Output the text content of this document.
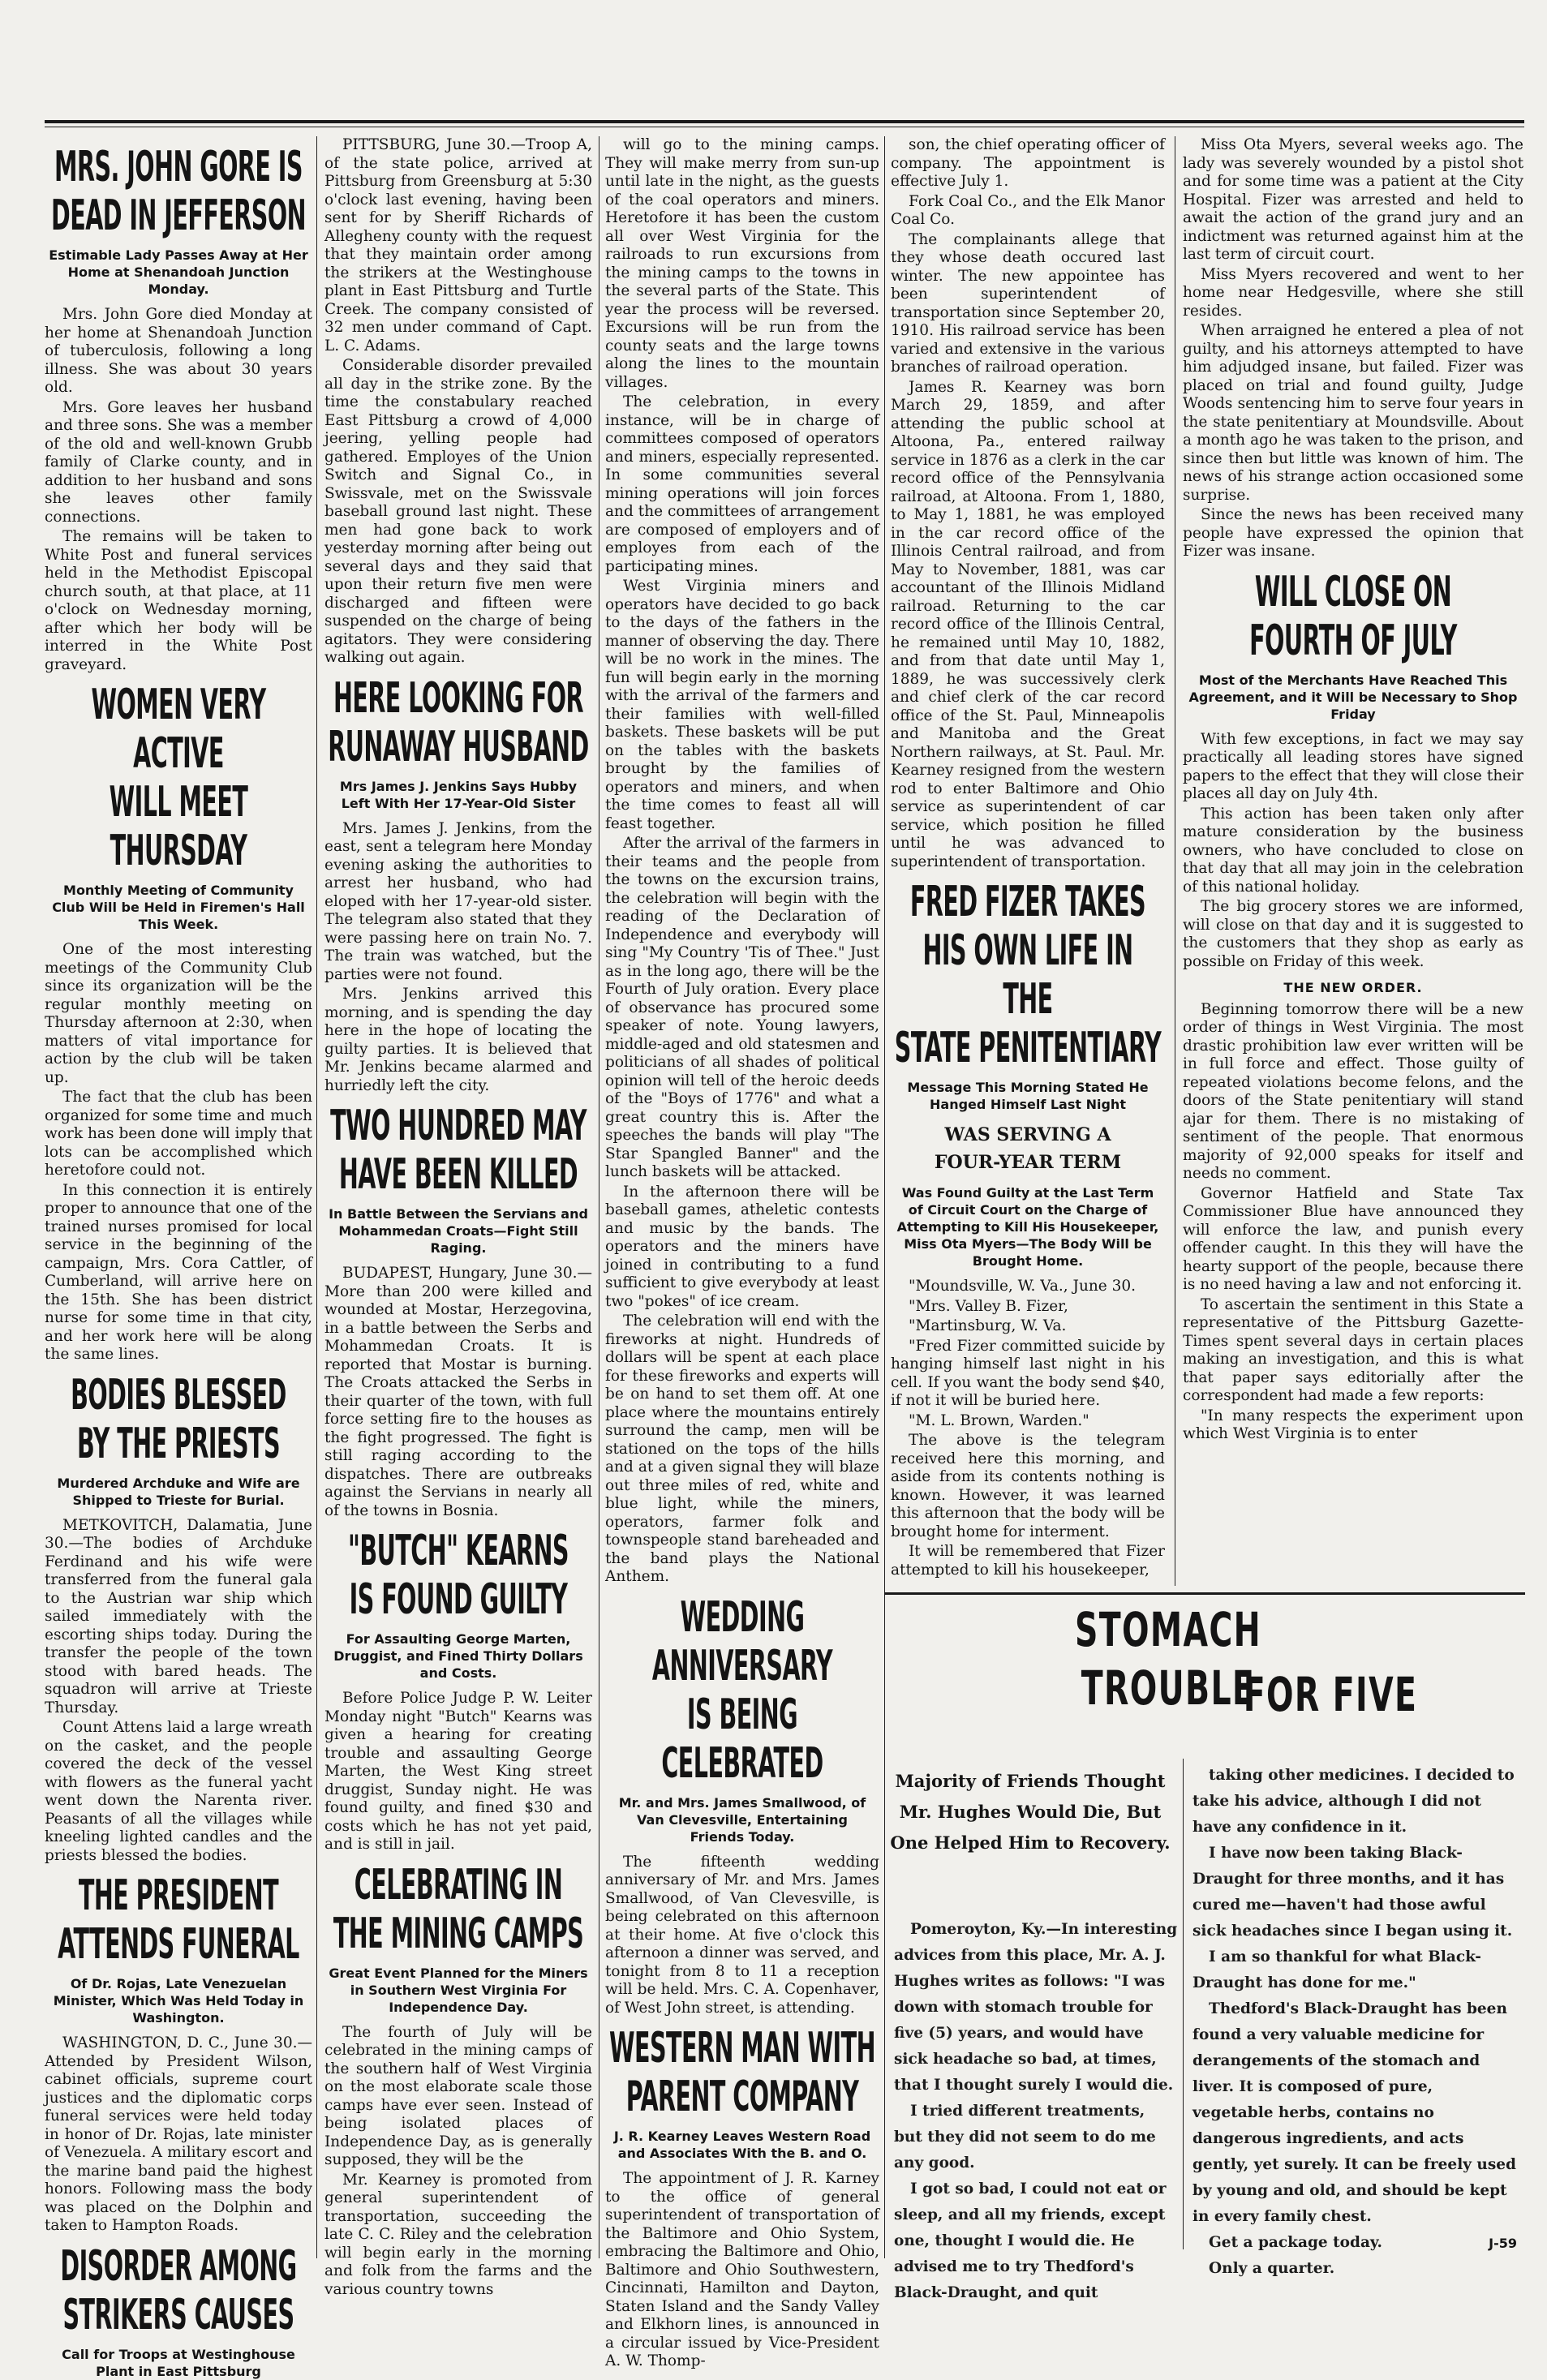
MRS. JOHN GORE IS
DEAD IN JEFFERSON
Estimable Lady Passes Away at Her Home at Shenandoah Junction Monday.

Mrs. John Gore died Monday at her home at Shenandoah Junction of tuberculosis, following a long illness. She was about 30 years old.

Mrs. Gore leaves her husband and three sons. She was a member of the old and well-known Grubb family of Clarke county, and in addition to her husband and sons she leaves other family connections.

The remains will be taken to White Post and funeral services held in the Methodist Episcopal church south, at that place, at 11 o'clock on Wednesday morning, after which her body will be interred in the White Post graveyard.

WOMEN VERY ACTIVE
WILL MEET THURSDAY
Monthly Meeting of Community Club Will be Held in Firemen's Hall This Week.

One of the most interesting meetings of the Community Club since its organization will be the regular monthly meeting on Thursday afternoon at 2:30, when matters of vital importance for action by the club will be taken up.

The fact that the club has been organized for some time and much work has been done will imply that lots can be accomplished which heretofore could not.

In this connection it is entirely proper to announce that one of the trained nurses promised for local service in the beginning of the campaign, Mrs. Cora Cattler, of Cumberland, will arrive here on the 15th. She has been district nurse for some time in that city, and her work here will be along the same lines.

BODIES BLESSED
BY THE PRIESTS
Murdered Archduke and Wife are Shipped to Trieste for Burial.

METKOVITCH, Dalamatia, June 30.—The bodies of Archduke Ferdinand and his wife were transferred from the funeral gala to the Austrian war ship which sailed immediately with the escorting ships today. During the transfer the people of the town stood with bared heads. The squadron will arrive at Trieste Thursday.

Count Attens laid a large wreath on the casket, and the people covered the deck of the vessel with flowers as the funeral yacht went down the Narenta river. Peasants of all the villages while kneeling lighted candles and the priests blessed the bodies.

THE PRESIDENT
ATTENDS FUNERAL
Of Dr. Rojas, Late Venezuelan Minister, Which Was Held Today in Washington.

WASHINGTON, D. C., June 30.—Attended by President Wilson, cabinet officials, supreme court justices and the diplomatic corps funeral services were held today in honor of Dr. Rojas, late minister of Venezuela. A military escort and the marine band paid the highest honors. Following mass the body was placed on the Dolphin and taken to Hampton Roads.

DISORDER AMONG
STRIKERS CAUSES
Call for Troops at Westinghouse Plant in East Pittsburg

PITTSBURG, June 30.—Troop A, of the state police, arrived at Pittsburg from Greensburg at 5:30 o'clock last evening, having been sent for by Sheriff Richards of Allegheny county with the request that they maintain order among the strikers at the Westinghouse plant in East Pittsburg and Turtle Creek. The company consisted of 32 men under command of Capt. L. C. Adams.

Considerable disorder prevailed all day in the strike zone. By the time the constabulary reached East Pittsburg a crowd of 4,000 jeering, yelling people had gathered. Employes of the Union Switch and Signal Co., in Swissvale, met on the Swissvale baseball ground last night. These men had gone back to work yesterday morning after being out several days and they said that upon their return five men were discharged and fifteen were suspended on the charge of being agitators. They were considering walking out again.

HERE LOOKING FOR
RUNAWAY HUSBAND
Mrs James J. Jenkins Says Hubby Left With Her 17-Year-Old Sister

Mrs. James J. Jenkins, from the east, sent a telegram here Monday evening asking the authorities to arrest her husband, who had eloped with her 17-year-old sister. The telegram also stated that they were passing here on train No. 7. The train was watched, but the parties were not found.

Mrs. Jenkins arrived this morning, and is spending the day here in the hope of locating the guilty parties. It is believed that Mr. Jenkins became alarmed and hurriedly left the city.

TWO HUNDRED MAY
HAVE BEEN KILLED
In Battle Between the Servians and Mohammedan Croats—Fight Still Raging.

BUDAPEST, Hungary, June 30.—More than 200 were killed and wounded at Mostar, Herzegovina, in a battle between the Serbs and Mohammedan Croats. It is reported that Mostar is burning. The Croats attacked the Serbs in their quarter of the town, with full force setting fire to the houses as the fight progressed. The fight is still raging according to the dispatches. There are outbreaks against the Servians in nearly all of the towns in Bosnia.

"BUTCH" KEARNS
IS FOUND GUILTY
For Assaulting George Marten, Druggist, and Fined Thirty Dollars and Costs.

Before Police Judge P. W. Leiter Monday night "Butch" Kearns was given a hearing for creating trouble and assaulting George Marten, the West King street druggist, Sunday night. He was found guilty, and fined $30 and costs which he has not yet paid, and is still in jail.

CELEBRATING IN
THE MINING CAMPS
Great Event Planned for the Miners in Southern West Virginia For Independence Day.

The fourth of July will be celebrated in the mining camps of the southern half of West Virginia on the most elaborate scale those camps have ever seen. Instead of being isolated places of Independence Day, as is generally supposed, they will be the

Mr. Kearney is promoted from general superintendent of transportation, succeeding the late C. C. Riley and the celebration will begin early in the morning and folk from the farms and the various country towns

will go to the mining camps. They will make merry from sun-up until late in the night, as the guests of the coal operators and miners. Heretofore it has been the custom all over West Virginia for the railroads to run excursions from the mining camps to the towns in the several parts of the State. This year the process will be reversed. Excursions will be run from the county seats and the large towns along the lines to the mountain villages.

The celebration, in every instance, will be in charge of committees composed of operators and miners, especially represented. In some communities several mining operations will join forces and the committees of arrangement are composed of employers and of employes from each of the participating mines.

West Virginia miners and operators have decided to go back to the days of the fathers in the manner of observing the day. There will be no work in the mines. The fun will begin early in the morning with the arrival of the farmers and their families with well-filled baskets. These baskets will be put on the tables with the baskets brought by the families of operators and miners, and when the time comes to feast all will feast together.

After the arrival of the farmers in their teams and the people from the towns on the excursion trains, the celebration will begin with the reading of the Declaration of Independence and everybody will sing "My Country 'Tis of Thee." Just as in the long ago, there will be the Fourth of July oration. Every place of observance has procured some speaker of note. Young lawyers, middle-aged and old statesmen and politicians of all shades of political opinion will tell of the heroic deeds of the "Boys of 1776" and what a great country this is. After the speeches the bands will play "The Star Spangled Banner" and the lunch baskets will be attacked.

In the afternoon there will be baseball games, atheletic contests and music by the bands. The operators and the miners have joined in contributing to a fund sufficient to give everybody at least two "pokes" of ice cream.

The celebration will end with the fireworks at night. Hundreds of dollars will be spent at each place for these fireworks and experts will be on hand to set them off. At one place where the mountains entirely surround the camp, men will be stationed on the tops of the hills and at a given signal they will blaze out three miles of red, white and blue light, while the miners, operators, farmer folk and townspeople stand bareheaded and the band plays the National Anthem.

WEDDING ANNIVERSARY
IS BEING CELEBRATED
Mr. and Mrs. James Smallwood, of Van Clevesville, Entertaining Friends Today.

The fifteenth wedding anniversary of Mr. and Mrs. James Smallwood, of Van Clevesville, is being celebrated on this afternoon at their home. At five o'clock this afternoon a dinner was served, and tonight from 8 to 11 a reception will be held. Mrs. C. A. Copenhaver, of West John street, is attending.

WESTERN MAN WITH
PARENT COMPANY
J. R. Kearney Leaves Western Road and Associates With the B. and O.

The appointment of J. R. Karney to the office of general superintendent of transportation of the Baltimore and Ohio System, embracing the Baltimore and Ohio, Baltimore and Ohio Southwestern, Cincinnati, Hamilton and Dayton, Staten Island and the Sandy Valley and Elkhorn lines, is announced in a circular issued by Vice-President A. W. Thomp-

son, the chief operating officer of company. The appointment is effective July 1.

Fork Coal Co., and the Elk Manor Coal Co.

The complainants allege that they whose death occured last winter. The new appointee has been superintendent of transportation since September 20, 1910. His railroad service has been varied and extensive in the various branches of railroad operation.

James R. Kearney was born March 29, 1859, and after attending the public school at Altoona, Pa., entered railway service in 1876 as a clerk in the car record office of the Pennsylvania railroad, at Altoona. From 1, 1880, to May 1, 1881, he was employed in the car record office of the Illinois Central railroad, and from May to November, 1881, was car accountant of the Illinois Midland railroad. Returning to the car record office of the Illinois Central, he remained until May 10, 1882, and from that date until May 1, 1889, he was successively clerk and chief clerk of the car record office of the St. Paul, Minneapolis and Manitoba and the Great Northern railways, at St. Paul. Mr. Kearney resigned from the western rod to enter Baltimore and Ohio service as superintendent of car service, which position he filled until he was advanced to superintendent of transportation.

FRED FIZER TAKES
HIS OWN LIFE IN THE
STATE PENITENTIARY
Message This Morning Stated He Hanged Himself Last Night
WAS SERVING A
FOUR-YEAR TERM
Was Found Guilty at the Last Term of Circuit Court on the Charge of Attempting to Kill His Housekeeper, Miss Ota Myers—The Body Will be Brought Home.

"Moundsville, W. Va., June 30.

"Mrs. Valley B. Fizer,

"Martinsburg, W. Va.

"Fred Fizer committed suicide by hanging himself last night in his cell. If you want the body send $40, if not it will be buried here.

"M. L. Brown, Warden."

The above is the telegram received here this morning, and aside from its contents nothing is known. However, it was learned this afternoon that the body will be brought home for interment.

It will be remembered that Fizer attempted to kill his housekeeper,

Miss Ota Myers, several weeks ago. The lady was severely wounded by a pistol shot and for some time was a patient at the City Hospital. Fizer was arrested and held to await the action of the grand jury and an indictment was returned against him at the last term of circuit court.

Miss Myers recovered and went to her home near Hedgesville, where she still resides.

When arraigned he entered a plea of not guilty, and his attorneys attempted to have him adjudged insane, but failed. Fizer was placed on trial and found guilty, Judge Woods sentencing him to serve four years in the state penitentiary at Moundsville. About a month ago he was taken to the prison, and since then but little was known of him. The news of his strange action occasioned some surprise.

Since the news has been received many people have expressed the opinion that Fizer was insane.

WILL CLOSE ON
FOURTH OF JULY
Most of the Merchants Have Reached This Agreement, and it Will be Necessary to Shop Friday

With few exceptions, in fact we may say practically all leading stores have signed papers to the effect that they will close their places all day on July 4th.

This action has been taken only after mature consideration by the business owners, who have concluded to close on that day that all may join in the celebration of this national holiday.

The big grocery stores we are informed, will close on that day and it is suggested to the customers that they shop as early as possible on Friday of this week.

THE NEW ORDER.

Beginning tomorrow there will be a new order of things in West Virginia. The most drastic prohibition law ever written will be in full force and effect. Those guilty of repeated violations become felons, and the doors of the State penitentiary will stand ajar for them. There is no mistaking of sentiment of the people. That enormous majority of 92,000 speaks for itself and needs no comment.

Governor Hatfield and State Tax Commissioner Blue have announced they will enforce the law, and punish every offender caught. In this they will have the hearty support of the people, because there is no need having a law and not enforcing it.

To ascertain the sentiment in this State a representative of the Pittsburg Gazette-Times spent several days in certain places making an investigation, and this is what that paper says editorially after the correspondent had made a few reports:

"In many respects the experiment upon which West Virginia is to enter

STOMACH TROUBLE
FOR FIVE
Majority of Friends Thought Mr. Hughes Would Die, But One Helped Him to Recovery.

Pomeroyton, Ky.—In interesting advices from this place, Mr. A. J. Hughes writes as follows: "I was down with stomach trouble for five (5) years, and would have sick headache so bad, at times, that I thought surely I would die.

I tried different treatments, but they did not seem to do me any good.

I got so bad, I could not eat or sleep, and all my friends, except one, thought I would die. He advised me to try Thedford's Black-Draught, and quit

taking other medicines. I decided to take his advice, although I did not have any confidence in it.

I have now been taking Black-Draught for three months, and it has cured me—haven't had those awful sick headaches since I began using it.

I am so thankful for what Black-Draught has done for me."

Thedford's Black-Draught has been found a very valuable medicine for derangements of the stomach and liver. It is composed of pure, vegetable herbs, contains no dangerous ingredients, and acts gently, yet surely. It can be freely used by young and old, and should be kept in every family chest.

Get a package today.

Only a quarter.

J-59
